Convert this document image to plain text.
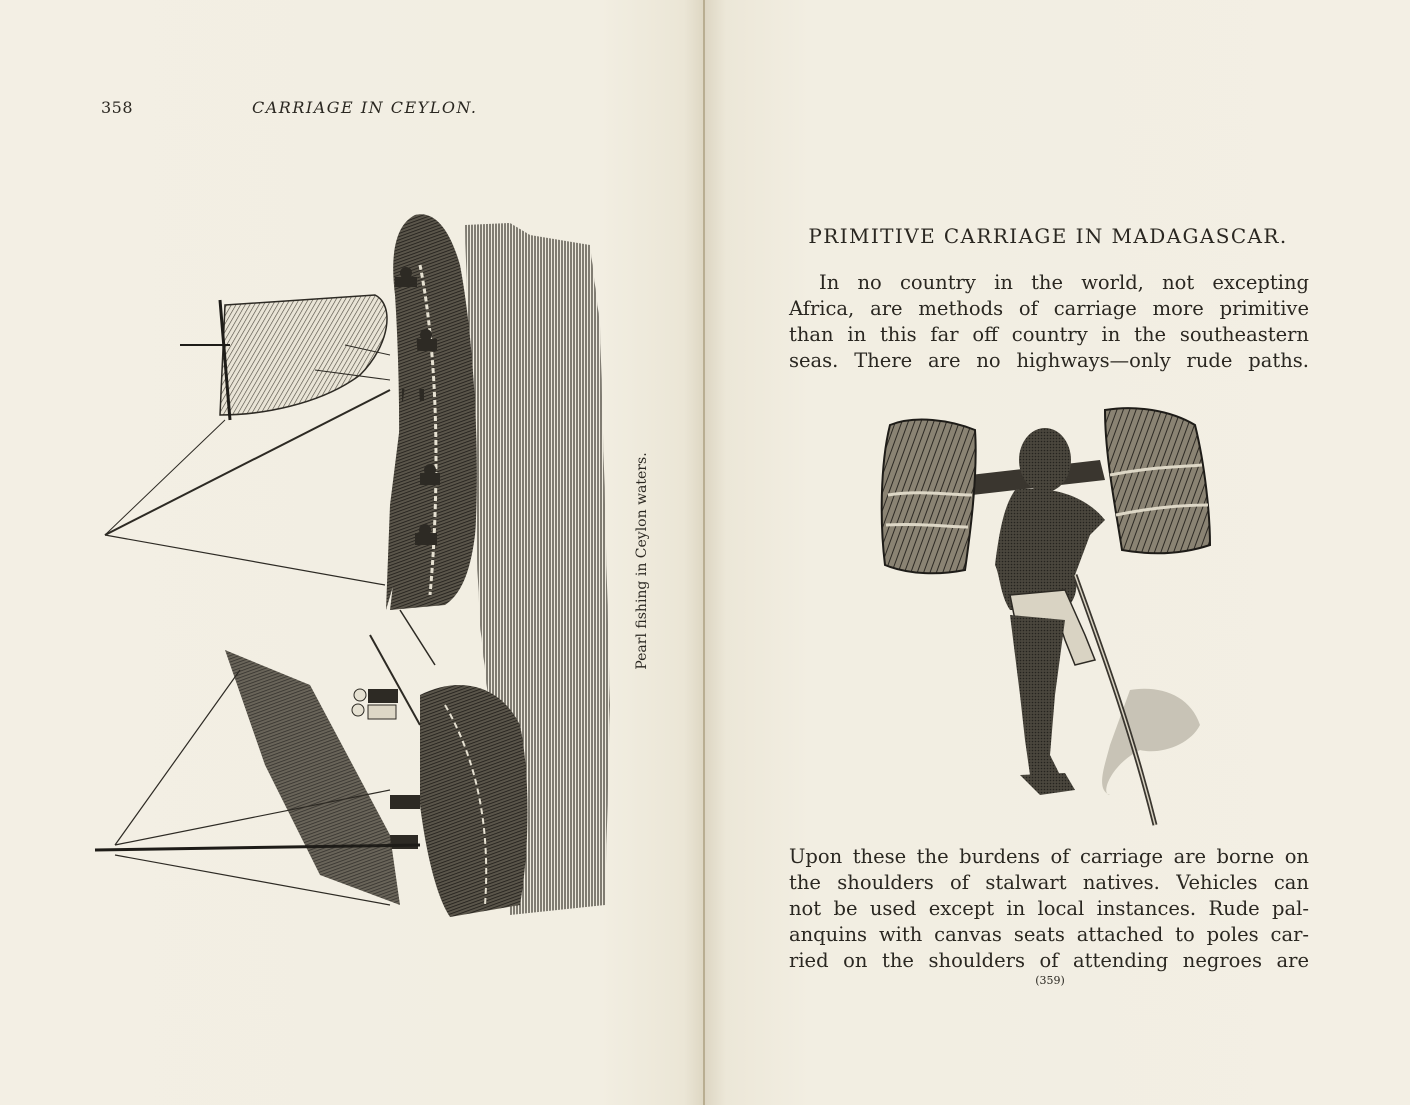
358	CARRIAGE IN CEYLON.
Pearl fishing in Ceylon waters.
PRIMITIVE CARRIAGE IN MADAGASCAR.
In no country in the world, not excepting
Africa, are methods of carriage more primitive
than in this far off country in the southeastern
seas. There are no highways—only rude paths.
Upon these the burdens of carriage are borne on
the shoulders of stalwart natives. Vehicles can
not be used except in local instances. Rude pal-
anquins with canvas seats attached to poles car-
ried on the shoulders of attending negroes are
(359)
